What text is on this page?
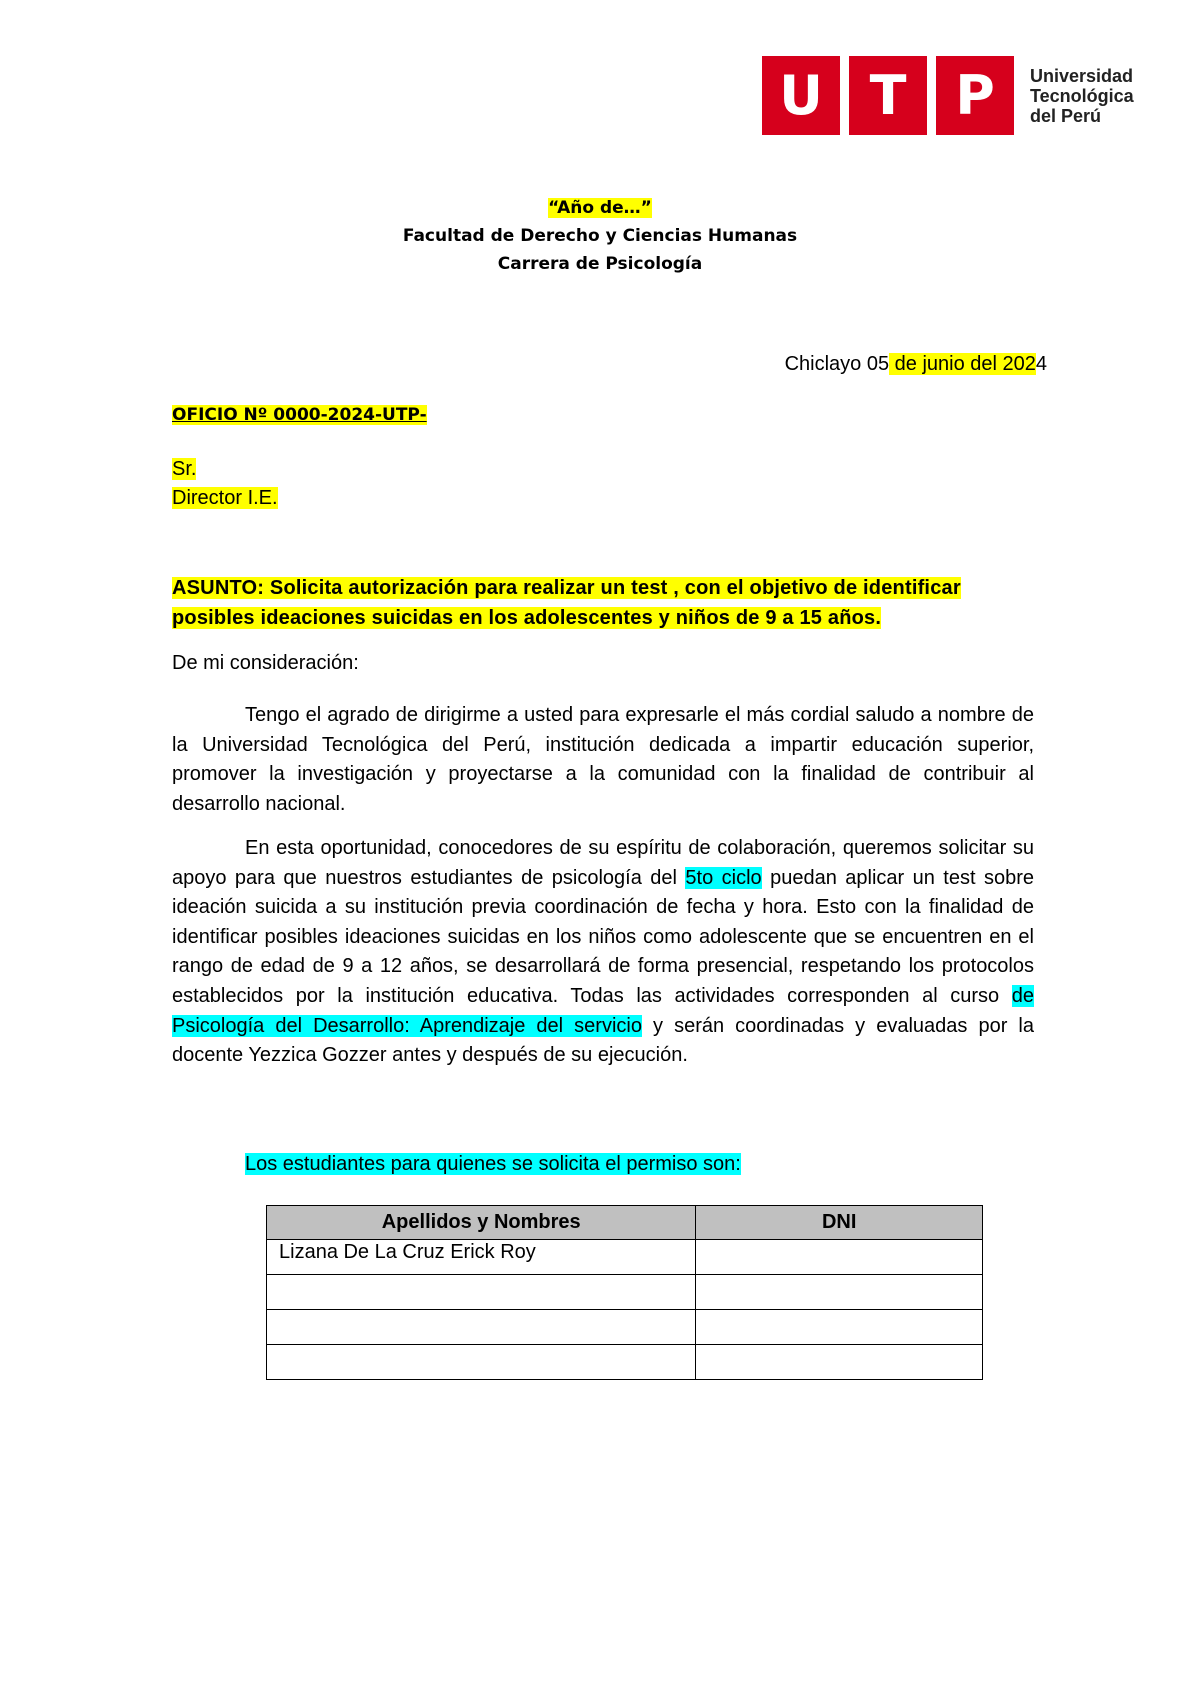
U T P	Universidad
Tecnológica
del Perú
“Año de…”
Facultad de Derecho y Ciencias Humanas
Carrera de Psicología
Chiclayo 05 de junio del 2024
OFICIO Nº 0000-2024-UTP-
Sr.
Director I.E.
ASUNTO: Solicita autorización para realizar un test , con el objetivo de identificar
posibles ideaciones suicidas en los adolescentes y niños de 9 a 15 años.
De mi consideración:
Tengo el agrado de dirigirme a usted para expresarle el más cordial saludo a nombre de la Universidad Tecnológica del Perú, institución dedicada a impartir educación superior, promover la investigación y proyectarse a la comunidad con la finalidad de contribuir al desarrollo nacional.
En esta oportunidad, conocedores de su espíritu de colaboración, queremos solicitar su apoyo para que nuestros estudiantes de psicología del 5to ciclo puedan aplicar un test sobre ideación suicida a su institución previa coordinación de fecha y hora. Esto con la finalidad de identificar posibles ideaciones suicidas en los niños como adolescente que se encuentren en el rango de edad de 9 a 12 años, se desarrollará de forma presencial, respetando los protocolos establecidos por la institución educativa. Todas las actividades corresponden al curso de Psicología del Desarrollo: Aprendizaje del servicio y serán coordinadas y evaluadas por la docente Yezzica Gozzer antes y después de su ejecución.
Los estudiantes para quienes se solicita el permiso son:
Apellidos y Nombres	DNI
Lizana De La Cruz Erick Roy	
